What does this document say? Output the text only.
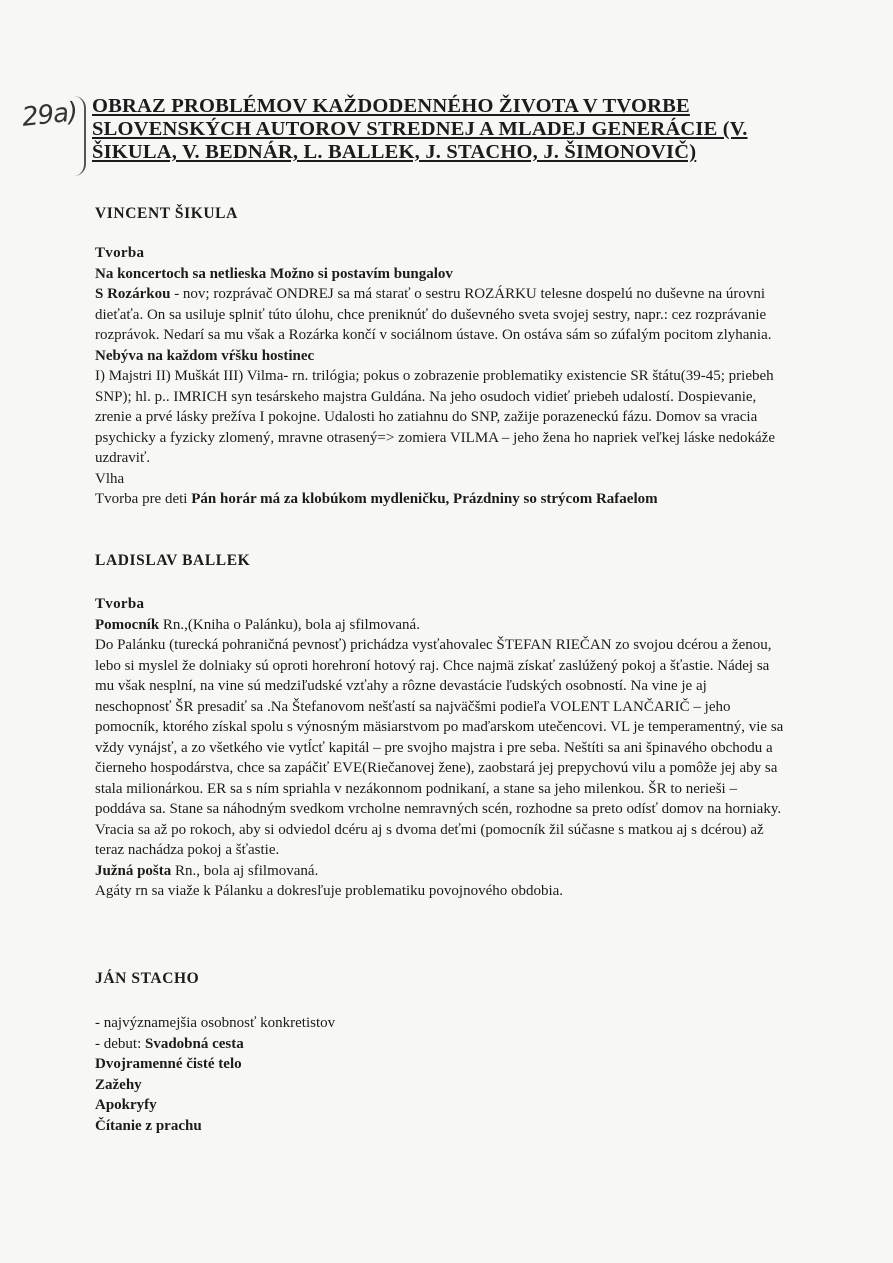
29a) OBRAZ PROBLÉMOV KAŽDODENNÉHO ŽIVOTA V TVORBE SLOVENSKÝCH AUTOROV STREDNEJ A MLADEJ GENERÁCIE (V. ŠIKULA, V. BEDNÁR, L. BALLEK, J. STACHO, J. ŠIMONOVIČ)
VINCENT ŠIKULA

Tvorba

Na koncertoch sa netlieska Možno si postavím bungalov

S Rozárkou - nov; rozprávač ONDREJ sa má starať o sestru ROZÁRKU telesne dospelú no duševne na úrovni dieťaťa. On sa usiluje splniť túto úlohu, chce preniknúť do duševného sveta svojej sestry, napr.: cez rozprávanie rozprávok. Nedarí sa mu však a Rozárka končí v sociálnom ústave. On ostáva sám so zúfalým pocitom zlyhania.

Nebýva na každom vŕšku hostinec

I) Majstri II) Muškát III) Vilma- rn. trilógia; pokus o zobrazenie problematiky existencie SR štátu(39-45; priebeh SNP); hl. p.. IMRICH syn tesárskeho majstra Guldána. Na jeho osudoch vidieť priebeh udalostí. Dospievanie, zrenie a prvé lásky prežíva I pokojne. Udalosti ho zatiahnu do SNP, zažije porazeneckú fázu. Domov sa vracia psychicky a fyzicky zlomený, mravne otrasený=> zomiera VILMA – jeho žena ho napriek veľkej láske nedokáže uzdraviť.

Vlha

Tvorba pre deti Pán horár má za klobúkom mydleničku, Prázdniny so strýcom Rafaelom

LADISLAV BALLEK

Tvorba

Pomocník Rn.,(Kniha o Palánku), bola aj sfilmovaná.

Do Palánku (turecká pohraničná pevnosť) prichádza vysťahovalec ŠTEFAN RIEČAN zo svojou dcérou a ženou, lebo si myslel že dolniaky sú oproti horehroní hotový raj. Chce najmä získať zaslúžený pokoj a šťastie. Nádej sa mu však nesplní, na vine sú medziľudské vzťahy a rôzne devastácie ľudských osobností. Na vine je aj neschopnosť ŠR presadiť sa .Na Štefanovom nešťastí sa najväčšmi podieľa VOLENT LANČARIČ – jeho pomocník, ktorého získal spolu s výnosným mäsiarstvom po maďarskom utečencovi. VL je temperamentný, vie sa vždy vynájsť, a zo všetkého vie vytĺcť kapitál – pre svojho majstra i pre seba. Neštíti sa ani špinavého obchodu a čierneho hospodárstva, chce sa zapáčiť EVE(Riečanovej žene), zaobstará jej prepychovú vilu a pomôže jej aby sa stala milionárkou. ER sa s ním spriahla v nezákonnom podnikaní, a stane sa jeho milenkou. ŠR to nerieši – poddáva sa. Stane sa náhodným svedkom vrcholne nemravných scén, rozhodne sa preto odísť domov na horniaky. Vracia sa až po rokoch, aby si odviedol dcéru aj s dvoma deťmi (pomocník žil súčasne s matkou aj s dcérou) až teraz nachádza pokoj a šťastie.

Južná pošta Rn., bola aj sfilmovaná.

Agáty rn sa viaže k Pálanku a dokresľuje problematiku povojnového obdobia.

JÁN STACHO

- najvýznamejšia osobnosť konkretistov

- debut: Svadobná cesta

Dvojramenné čisté telo

Zažehy

Apokryfy

Čítanie z prachu
